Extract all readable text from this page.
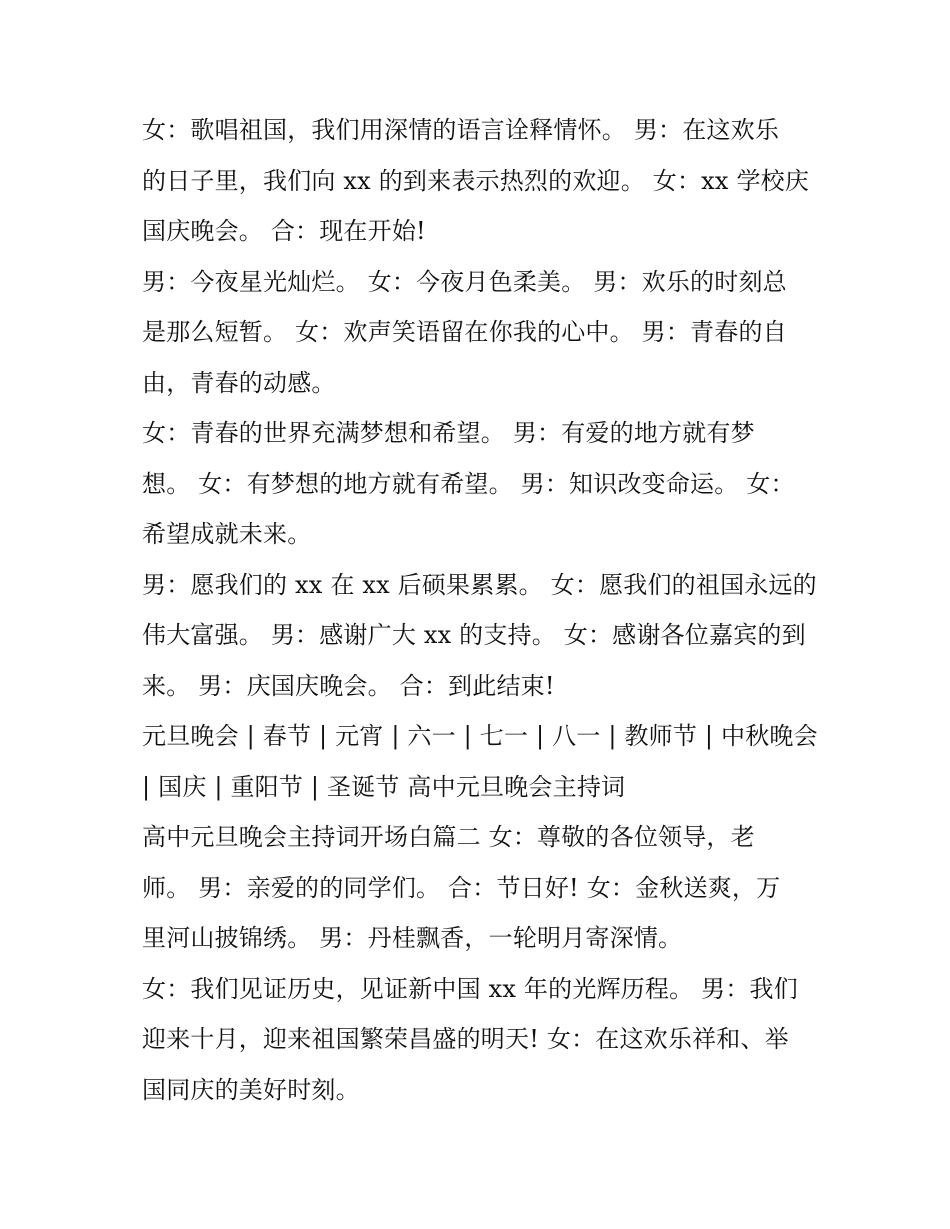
女：歌唱祖国，我们用深情的语言诠释情怀。 男：在这欢乐
的日子里，我们向 xx 的到来表示热烈的欢迎。 女：xx 学校庆
国庆晚会。 合：现在开始!
男：今夜星光灿烂。 女：今夜月色柔美。 男：欢乐的时刻总
是那么短暂。 女：欢声笑语留在你我的心中。 男：青春的自
由，青春的动感。
女：青春的世界充满梦想和希望。 男：有爱的地方就有梦
想。 女：有梦想的地方就有希望。 男：知识改变命运。 女：
希望成就未来。
男：愿我们的 xx 在 xx 后硕果累累。 女：愿我们的祖国永远的
伟大富强。 男：感谢广大 xx 的支持。 女：感谢各位嘉宾的到
来。 男：庆国庆晚会。 合：到此结束!
元旦晚会 | 春节 | 元宵 | 六一 | 七一 | 八一 | 教师节 | 中秋晚会
| 国庆 | 重阳节 | 圣诞节 高中元旦晚会主持词
高中元旦晚会主持词开场白篇二 女：尊敬的各位领导，老
师。 男：亲爱的的同学们。 合：节日好! 女：金秋送爽，万
里河山披锦绣。 男：丹桂飘香，一轮明月寄深情。
女：我们见证历史，见证新中国 xx 年的光辉历程。 男：我们
迎来十月，迎来祖国繁荣昌盛的明天! 女：在这欢乐祥和、举
国同庆的美好时刻。
